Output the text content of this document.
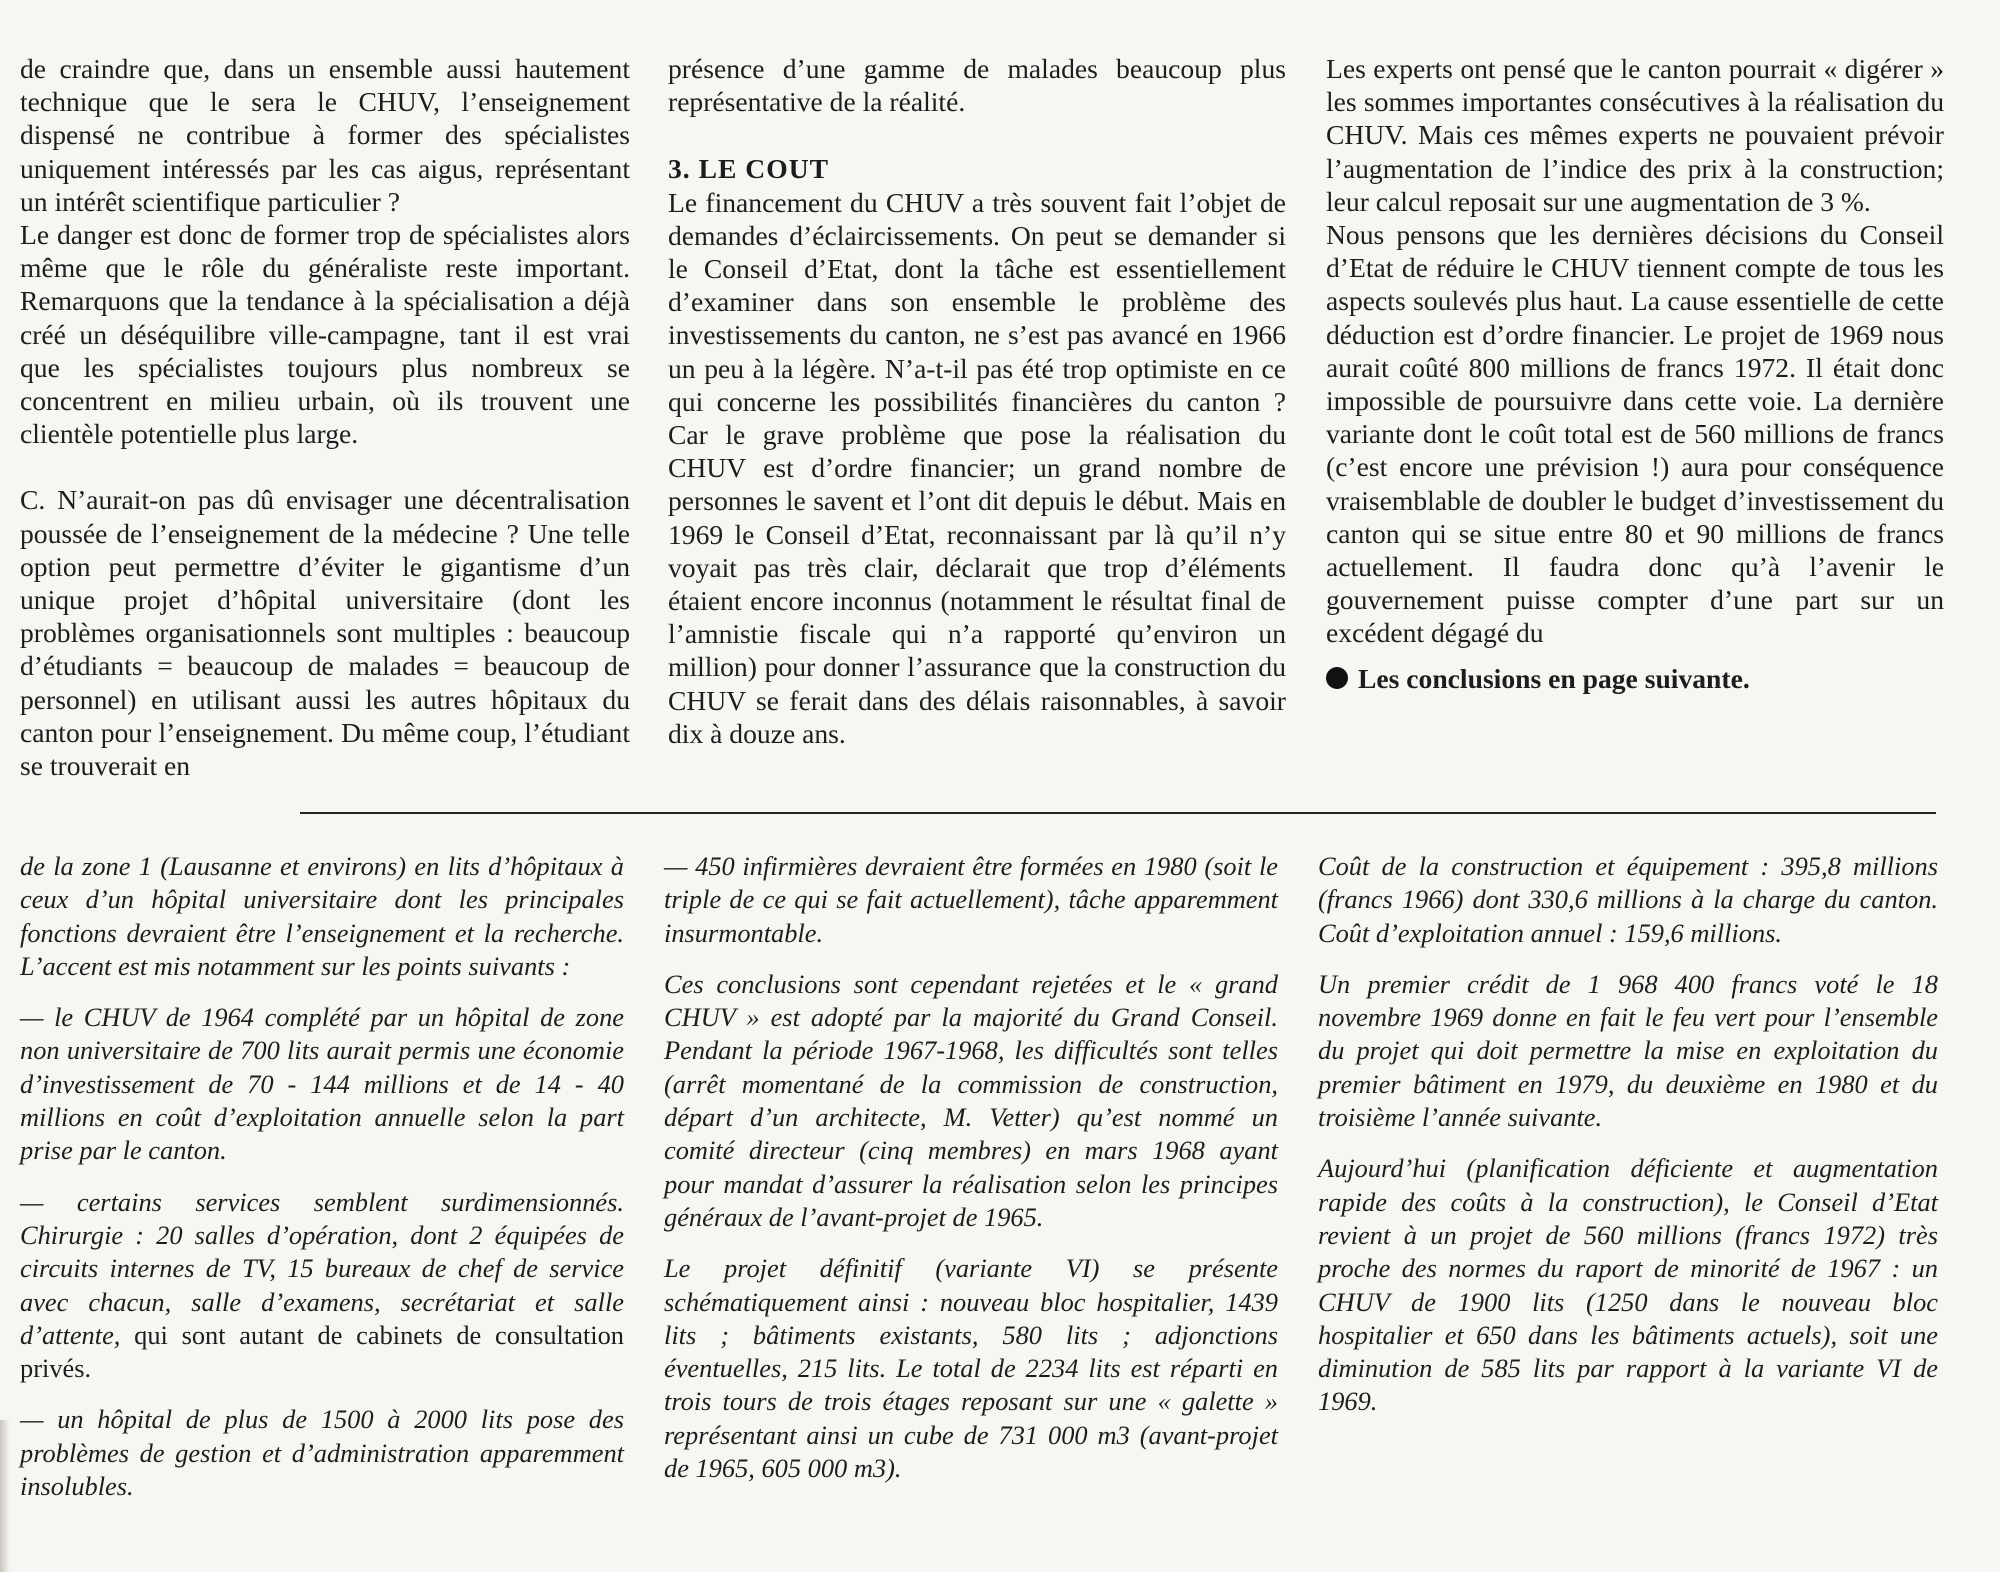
de craindre que, dans un ensemble aussi hautement technique que le sera le CHUV, l’enseignement dispensé ne contribue à former des spécialistes uniquement intéressés par les cas aigus, représentant un intérêt scientifique particulier ?

Le danger est donc de former trop de spécialistes alors même que le rôle du généraliste reste important. Remarquons que la tendance à la spécialisation a déjà créé un déséquilibre ville-campagne, tant il est vrai que les spécialistes toujours plus nombreux se concentrent en milieu urbain, où ils trouvent une clientèle potentielle plus large.

C. N’aurait-on pas dû envisager une décentralisation poussée de l’enseignement de la médecine ? Une telle option peut permettre d’éviter le gigantisme d’un unique projet d’hôpital universitaire (dont les problèmes organisationnels sont multiples : beaucoup d’étudiants = beaucoup de malades = beaucoup de personnel) en utilisant aussi les autres hôpitaux du canton pour l’enseignement. Du même coup, l’étudiant se trouverait en

présence d’une gamme de malades beaucoup plus représentative de la réalité.

3. LE COUT

Le financement du CHUV a très souvent fait l’objet de demandes d’éclaircissements. On peut se demander si le Conseil d’Etat, dont la tâche est essentiellement d’examiner dans son ensemble le problème des investissements du canton, ne s’est pas avancé en 1966 un peu à la légère. N’a-t-il pas été trop optimiste en ce qui concerne les possibilités financières du canton ? Car le grave problème que pose la réalisation du CHUV est d’ordre financier; un grand nombre de personnes le savent et l’ont dit depuis le début. Mais en 1969 le Conseil d’Etat, reconnaissant par là qu’il n’y voyait pas très clair, déclarait que trop d’éléments étaient encore inconnus (notamment le résultat final de l’amnistie fiscale qui n’a rapporté qu’environ un million) pour donner l’assurance que la construction du CHUV se ferait dans des délais raisonnables, à savoir dix à douze ans.

Les experts ont pensé que le canton pourrait « digérer » les sommes importantes consécutives à la réalisation du CHUV. Mais ces mêmes experts ne pouvaient prévoir l’augmentation de l’indice des prix à la construction; leur calcul reposait sur une augmentation de 3 %.

Nous pensons que les dernières décisions du Conseil d’Etat de réduire le CHUV tiennent compte de tous les aspects soulevés plus haut. La cause essentielle de cette déduction est d’ordre financier. Le projet de 1969 nous aurait coûté 800 millions de francs 1972. Il était donc impossible de poursuivre dans cette voie. La dernière variante dont le coût total est de 560 millions de francs (c’est encore une prévision !) aura pour conséquence vraisemblable de doubler le budget d’investissement du canton qui se situe entre 80 et 90 millions de francs actuellement. Il faudra donc qu’à l’avenir le gouvernement puisse compter d’une part sur un excédent dégagé du

Les conclusions en page suivante.

de la zone 1 (Lausanne et environs) en lits d’hôpitaux à ceux d’un hôpital universitaire dont les principales fonctions devraient être l’enseignement et la recherche. L’accent est mis notamment sur les points suivants :

— le CHUV de 1964 complété par un hôpital de zone non universitaire de 700 lits aurait permis une économie d’investissement de 70 - 144 millions et de 14 - 40 millions en coût d’exploitation annuelle selon la part prise par le canton.

— certains services semblent surdimensionnés. Chirurgie : 20 salles d’opération, dont 2 équipées de circuits internes de TV, 15 bureaux de chef de service avec chacun, salle d’examens, secrétariat et salle d’attente, qui sont autant de cabinets de consultation privés.

— un hôpital de plus de 1500 à 2000 lits pose des problèmes de gestion et d’administration apparemment insolubles.

— 450 infirmières devraient être formées en 1980 (soit le triple de ce qui se fait actuellement), tâche apparemment insurmontable.

Ces conclusions sont cependant rejetées et le « grand CHUV » est adopté par la majorité du Grand Conseil. Pendant la période 1967-1968, les difficultés sont telles (arrêt momentané de la commission de construction, départ d’un architecte, M. Vetter) qu’est nommé un comité directeur (cinq membres) en mars 1968 ayant pour mandat d’assurer la réalisation selon les principes généraux de l’avant-projet de 1965.

Le projet définitif (variante VI) se présente schématiquement ainsi : nouveau bloc hospitalier, 1439 lits ; bâtiments existants, 580 lits ; adjonctions éventuelles, 215 lits. Le total de 2234 lits est réparti en trois tours de trois étages reposant sur une « galette » représentant ainsi un cube de 731 000 m3 (avant-projet de 1965, 605 000 m3).

Coût de la construction et équipement : 395,8 millions (francs 1966) dont 330,6 millions à la charge du canton. Coût d’exploitation annuel : 159,6 millions.

Un premier crédit de 1 968 400 francs voté le 18 novembre 1969 donne en fait le feu vert pour l’ensemble du projet qui doit permettre la mise en exploitation du premier bâtiment en 1979, du deuxième en 1980 et du troisième l’année suivante.

Aujourd’hui (planification déficiente et augmentation rapide des coûts à la construction), le Conseil d’Etat revient à un projet de 560 millions (francs 1972) très proche des normes du raport de minorité de 1967 : un CHUV de 1900 lits (1250 dans le nouveau bloc hospitalier et 650 dans les bâtiments actuels), soit une diminution de 585 lits par rapport à la variante VI de 1969.
